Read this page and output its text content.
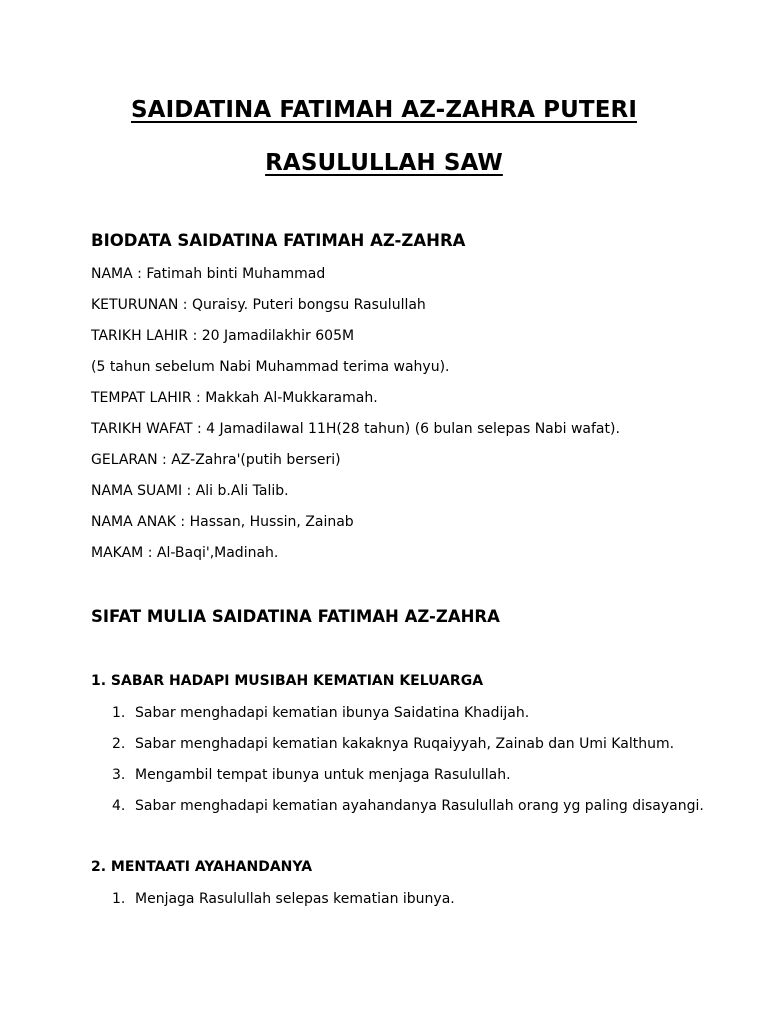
SAIDATINA FATIMAH AZ-ZAHRA PUTERI
RASULULLAH SAW
BIODATA SAIDATINA FATIMAH AZ-ZAHRA
NAMA : Fatimah binti Muhammad
KETURUNAN : Quraisy. Puteri bongsu Rasulullah
TARIKH LAHIR : 20 Jamadilakhir 605M
(5 tahun sebelum Nabi Muhammad terima wahyu).
TEMPAT LAHIR : Makkah Al-Mukkaramah.
TARIKH WAFAT : 4 Jamadilawal 11H(28 tahun) (6 bulan selepas Nabi wafat).
GELARAN : AZ-Zahra'(putih berseri)
NAMA SUAMI : Ali b.Ali Talib.
NAMA ANAK : Hassan, Hussin, Zainab
MAKAM : Al-Baqi',Madinah.
SIFAT MULIA SAIDATINA FATIMAH AZ-ZAHRA
1. SABAR HADAPI MUSIBAH KEMATIAN KELUARGA
1. Sabar menghadapi kematian ibunya Saidatina Khadijah.
2. Sabar menghadapi kematian kakaknya Ruqaiyyah, Zainab dan Umi Kalthum.
3. Mengambil tempat ibunya untuk menjaga Rasulullah.
4. Sabar menghadapi kematian ayahandanya Rasulullah orang yg paling disayangi.
2. MENTAATI AYAHANDANYA
1. Menjaga Rasulullah selepas kematian ibunya.
